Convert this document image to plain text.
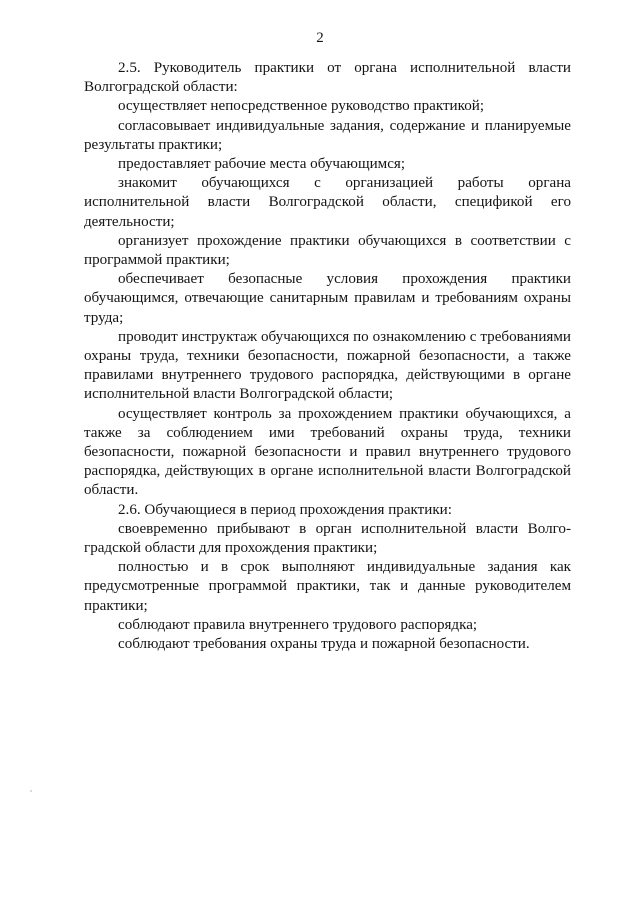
2

2.5. Руководитель практики от органа исполнительной власти Волгоградской области:

осуществляет непосредственное руководство практикой;

согласовывает индивидуальные задания, содержание и планируемые результаты практики;

предоставляет рабочие места обучающимся;

знакомит обучающихся с организацией работы органа исполнительной власти Волгоградской области, спецификой его деятельности;

организует прохождение практики обучающихся в соответствии с программой практики;

обеспечивает безопасные условия прохождения практики обучающимся, отвечающие санитарным правилам и требованиям охраны труда;

проводит инструктаж обучающихся по ознакомлению с требованиями охраны труда, техники безопасности, пожарной безопасности, а также правилами внутреннего трудового распорядка, действующими в органе исполнительной власти Волгоградской области;

осуществляет контроль за прохождением практики обучающихся, а также за соблюдением ими требований охраны труда, техники безопасности, пожарной безопасности и правил внутреннего трудового распорядка, действующих в органе исполнительной власти Волгоградской области.

2.6. Обучающиеся в период прохождения практики:

своевременно прибывают в орган исполнительной власти Волгоградской области для прохождения практики;

полностью и в срок выполняют индивидуальные задания как предусмотренные программой практики, так и данные руководителем практики;

соблюдают правила внутреннего трудового распорядка;

соблюдают требования охраны труда и пожарной безопасности.
